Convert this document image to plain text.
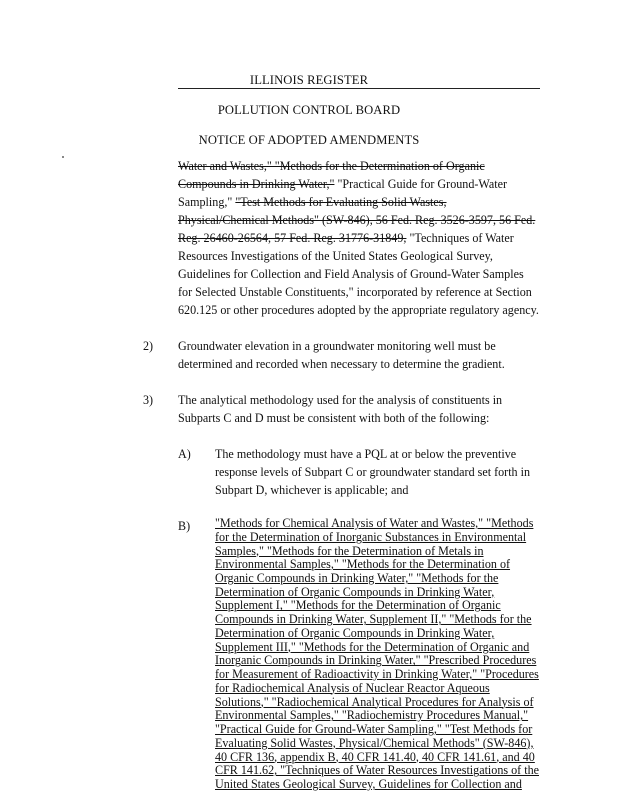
ILLINOIS REGISTER
POLLUTION CONTROL BOARD
NOTICE OF ADOPTED AMENDMENTS
Water and Wastes," "Methods for the Determination of Organic
Compounds in Drinking Water," "Practical Guide for Ground-Water
Sampling," "Test Methods for Evaluating Solid Wastes,
Physical/Chemical Methods" (SW-846), 56 Fed. Reg. 3526-3597, 56 Fed.
Reg. 26460-26564, 57 Fed. Reg. 31776-31849, "Techniques of Water
Resources Investigations of the United States Geological Survey,
Guidelines for Collection and Field Analysis of Ground-Water Samples
for Selected Unstable Constituents," incorporated by reference at Section
620.125 or other procedures adopted by the appropriate regulatory agency.
2) Groundwater elevation in a groundwater monitoring well must be
determined and recorded when necessary to determine the gradient.
3) The analytical methodology used for the analysis of constituents in
Subparts C and D must be consistent with both of the following:
A) The methodology must have a PQL at or below the preventive
response levels of Subpart C or groundwater standard set forth in
Subpart D, whichever is applicable; and
B) "Methods for Chemical Analysis of Water and Wastes," "Methods
for the Determination of Inorganic Substances in Environmental
Samples," "Methods for the Determination of Metals in
Environmental Samples," "Methods for the Determination of
Organic Compounds in Drinking Water," "Methods for the
Determination of Organic Compounds in Drinking Water,
Supplement I," "Methods for the Determination of Organic
Compounds in Drinking Water, Supplement II," "Methods for the
Determination of Organic Compounds in Drinking Water,
Supplement III," "Methods for the Determination of Organic and
Inorganic Compounds in Drinking Water," "Prescribed Procedures
for Measurement of Radioactivity in Drinking Water," "Procedures
for Radiochemical Analysis of Nuclear Reactor Aqueous
Solutions," "Radiochemical Analytical Procedures for Analysis of
Environmental Samples," "Radiochemistry Procedures Manual,"
"Practical Guide for Ground-Water Sampling," "Test Methods for
Evaluating Solid Wastes, Physical/Chemical Methods" (SW-846),
40 CFR 136, appendix B, 40 CFR 141.40, 40 CFR 141.61, and 40
CFR 141.62, "Techniques of Water Resources Investigations of the
United States Geological Survey, Guidelines for Collection and
